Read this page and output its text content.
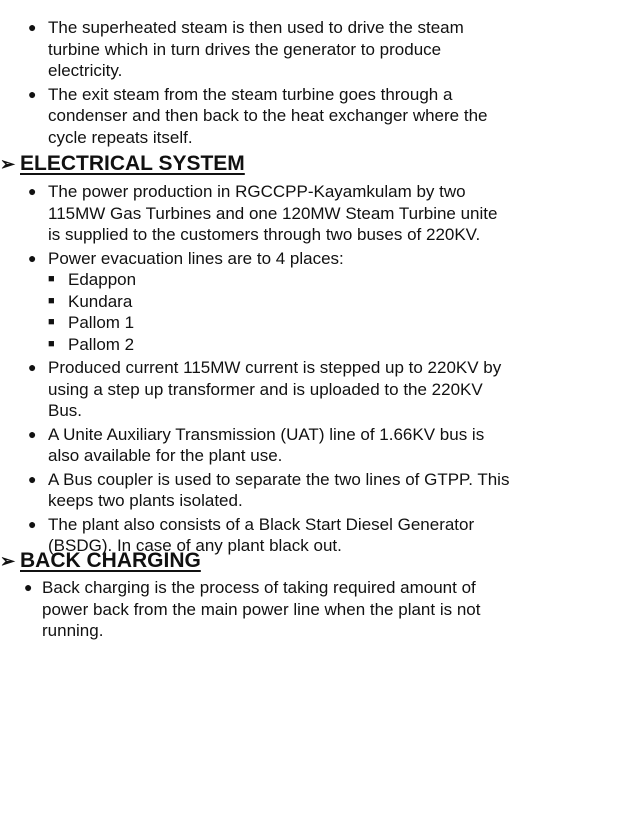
● The superheated steam is then used to drive the steam
turbine which in turn drives the generator to produce
electricity.
● The exit steam from the steam turbine goes through a
condenser and then back to the heat exchanger where the
cycle repeats itself.
➢ ELECTRICAL SYSTEM
● The power production in RGCCPP-Kayamkulam by two
115MW Gas Turbines and one 120MW Steam Turbine unite
is supplied to the customers through two buses of 220KV.
● Power evacuation lines are to 4 places:
■ Edappon
■ Kundara
■ Pallom 1
■ Pallom 2
● Produced current 115MW current is stepped up to 220KV by
using a step up transformer and is uploaded to the 220KV
Bus.
● A Unite Auxiliary Transmission (UAT) line of 1.66KV bus is
also available for the plant use.
● A Bus coupler is used to separate the two lines of GTPP. This
keeps two plants isolated.
● The plant also consists of a Black Start Diesel Generator
(BSDG). In case of any plant black out.
➢ BACK CHARGING
● Back charging is the process of taking required amount of
power back from the main power line when the plant is not
running.
